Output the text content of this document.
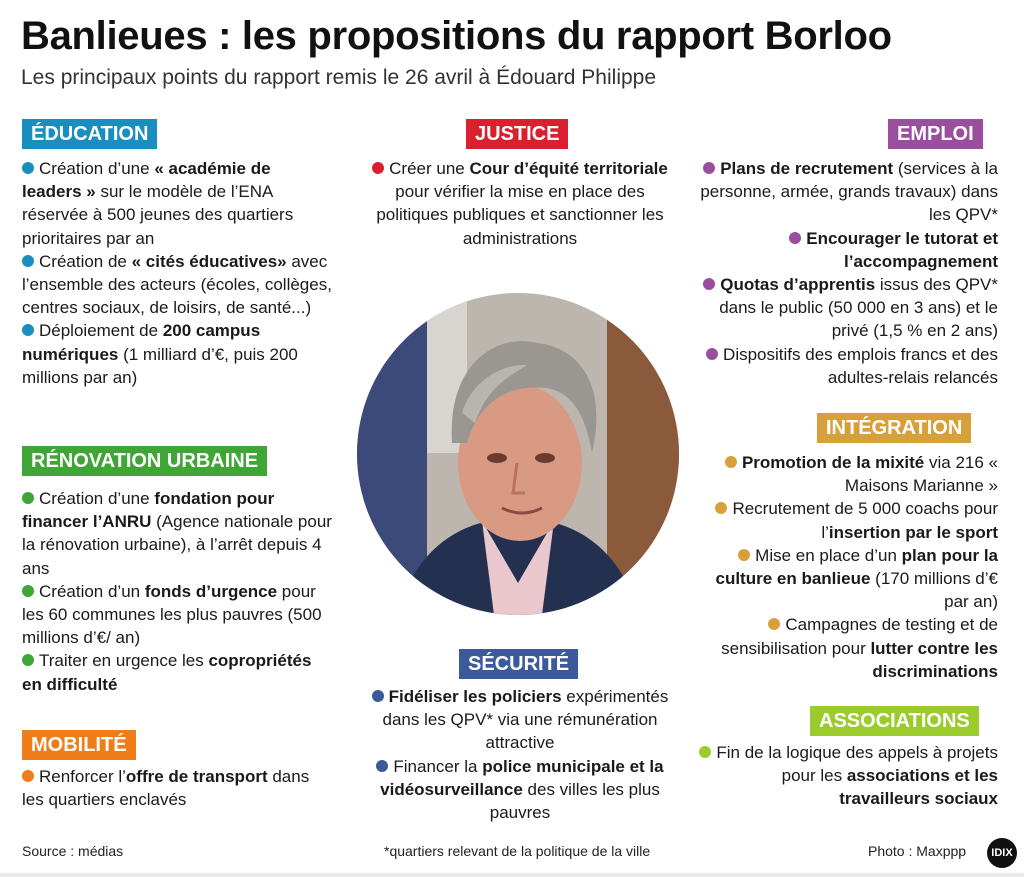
Banlieues : les propositions du rapport Borloo
Les principaux points du rapport remis le 26 avril à Édouard Philippe
ÉDUCATION

Création d’une « académie de leaders » sur le modèle de l’ENA réservée à 500 jeunes des quartiers prioritaires par an

Création de « cités éducatives» avec l’ensemble des acteurs (écoles, collèges, centres sociaux, de loisirs, de santé...)

Déploiement de 200 campus numériques (1 milliard d’€, puis 200 millions par an)

RÉNOVATION URBAINE

Création d’une fondation pour financer l’ANRU (Agence nationale pour la rénovation urbaine), à l’arrêt depuis 4 ans

Création d’un fonds d’urgence pour les 60 communes les plus pauvres (500 millions d’€/ an)

Traiter en urgence les copropriétés en difficulté

MOBILITÉ

Renforcer l’offre de transport dans les quartiers enclavés

JUSTICE

Créer une Cour d’équité territoriale pour vérifier la mise en place des politiques publiques et sanctionner les administrations

SÉCURITÉ

Fidéliser les policiers expérimentés dans les QPV* via une rémunération attractive

Financer la police municipale et la vidéosurveillance des villes les plus pauvres

EMPLOI

Plans de recrutement (services à la personne, armée, grands travaux) dans les QPV*

Encourager le tutorat et l’accompagnement

Quotas d’apprentis issus des QPV* dans le public (50 000 en 3 ans) et le privé (1,5 % en 2 ans)

Dispositifs des emplois francs et des adultes-relais relancés

INTÉGRATION

Promotion de la mixité via 216 « Maisons Marianne »

Recrutement de 5 000 coachs pour l’insertion par le sport

Mise en place d’un plan pour la culture en banlieue (170 millions d’€ par an)

Campagnes de testing et de sensibilisation pour lutter contre les discriminations

ASSOCIATIONS

Fin de la logique des appels à projets pour les associations et les travailleurs sociaux

Source : médias	*quartiers relevant de la politique de la ville	Photo : Maxppp	IDIX
